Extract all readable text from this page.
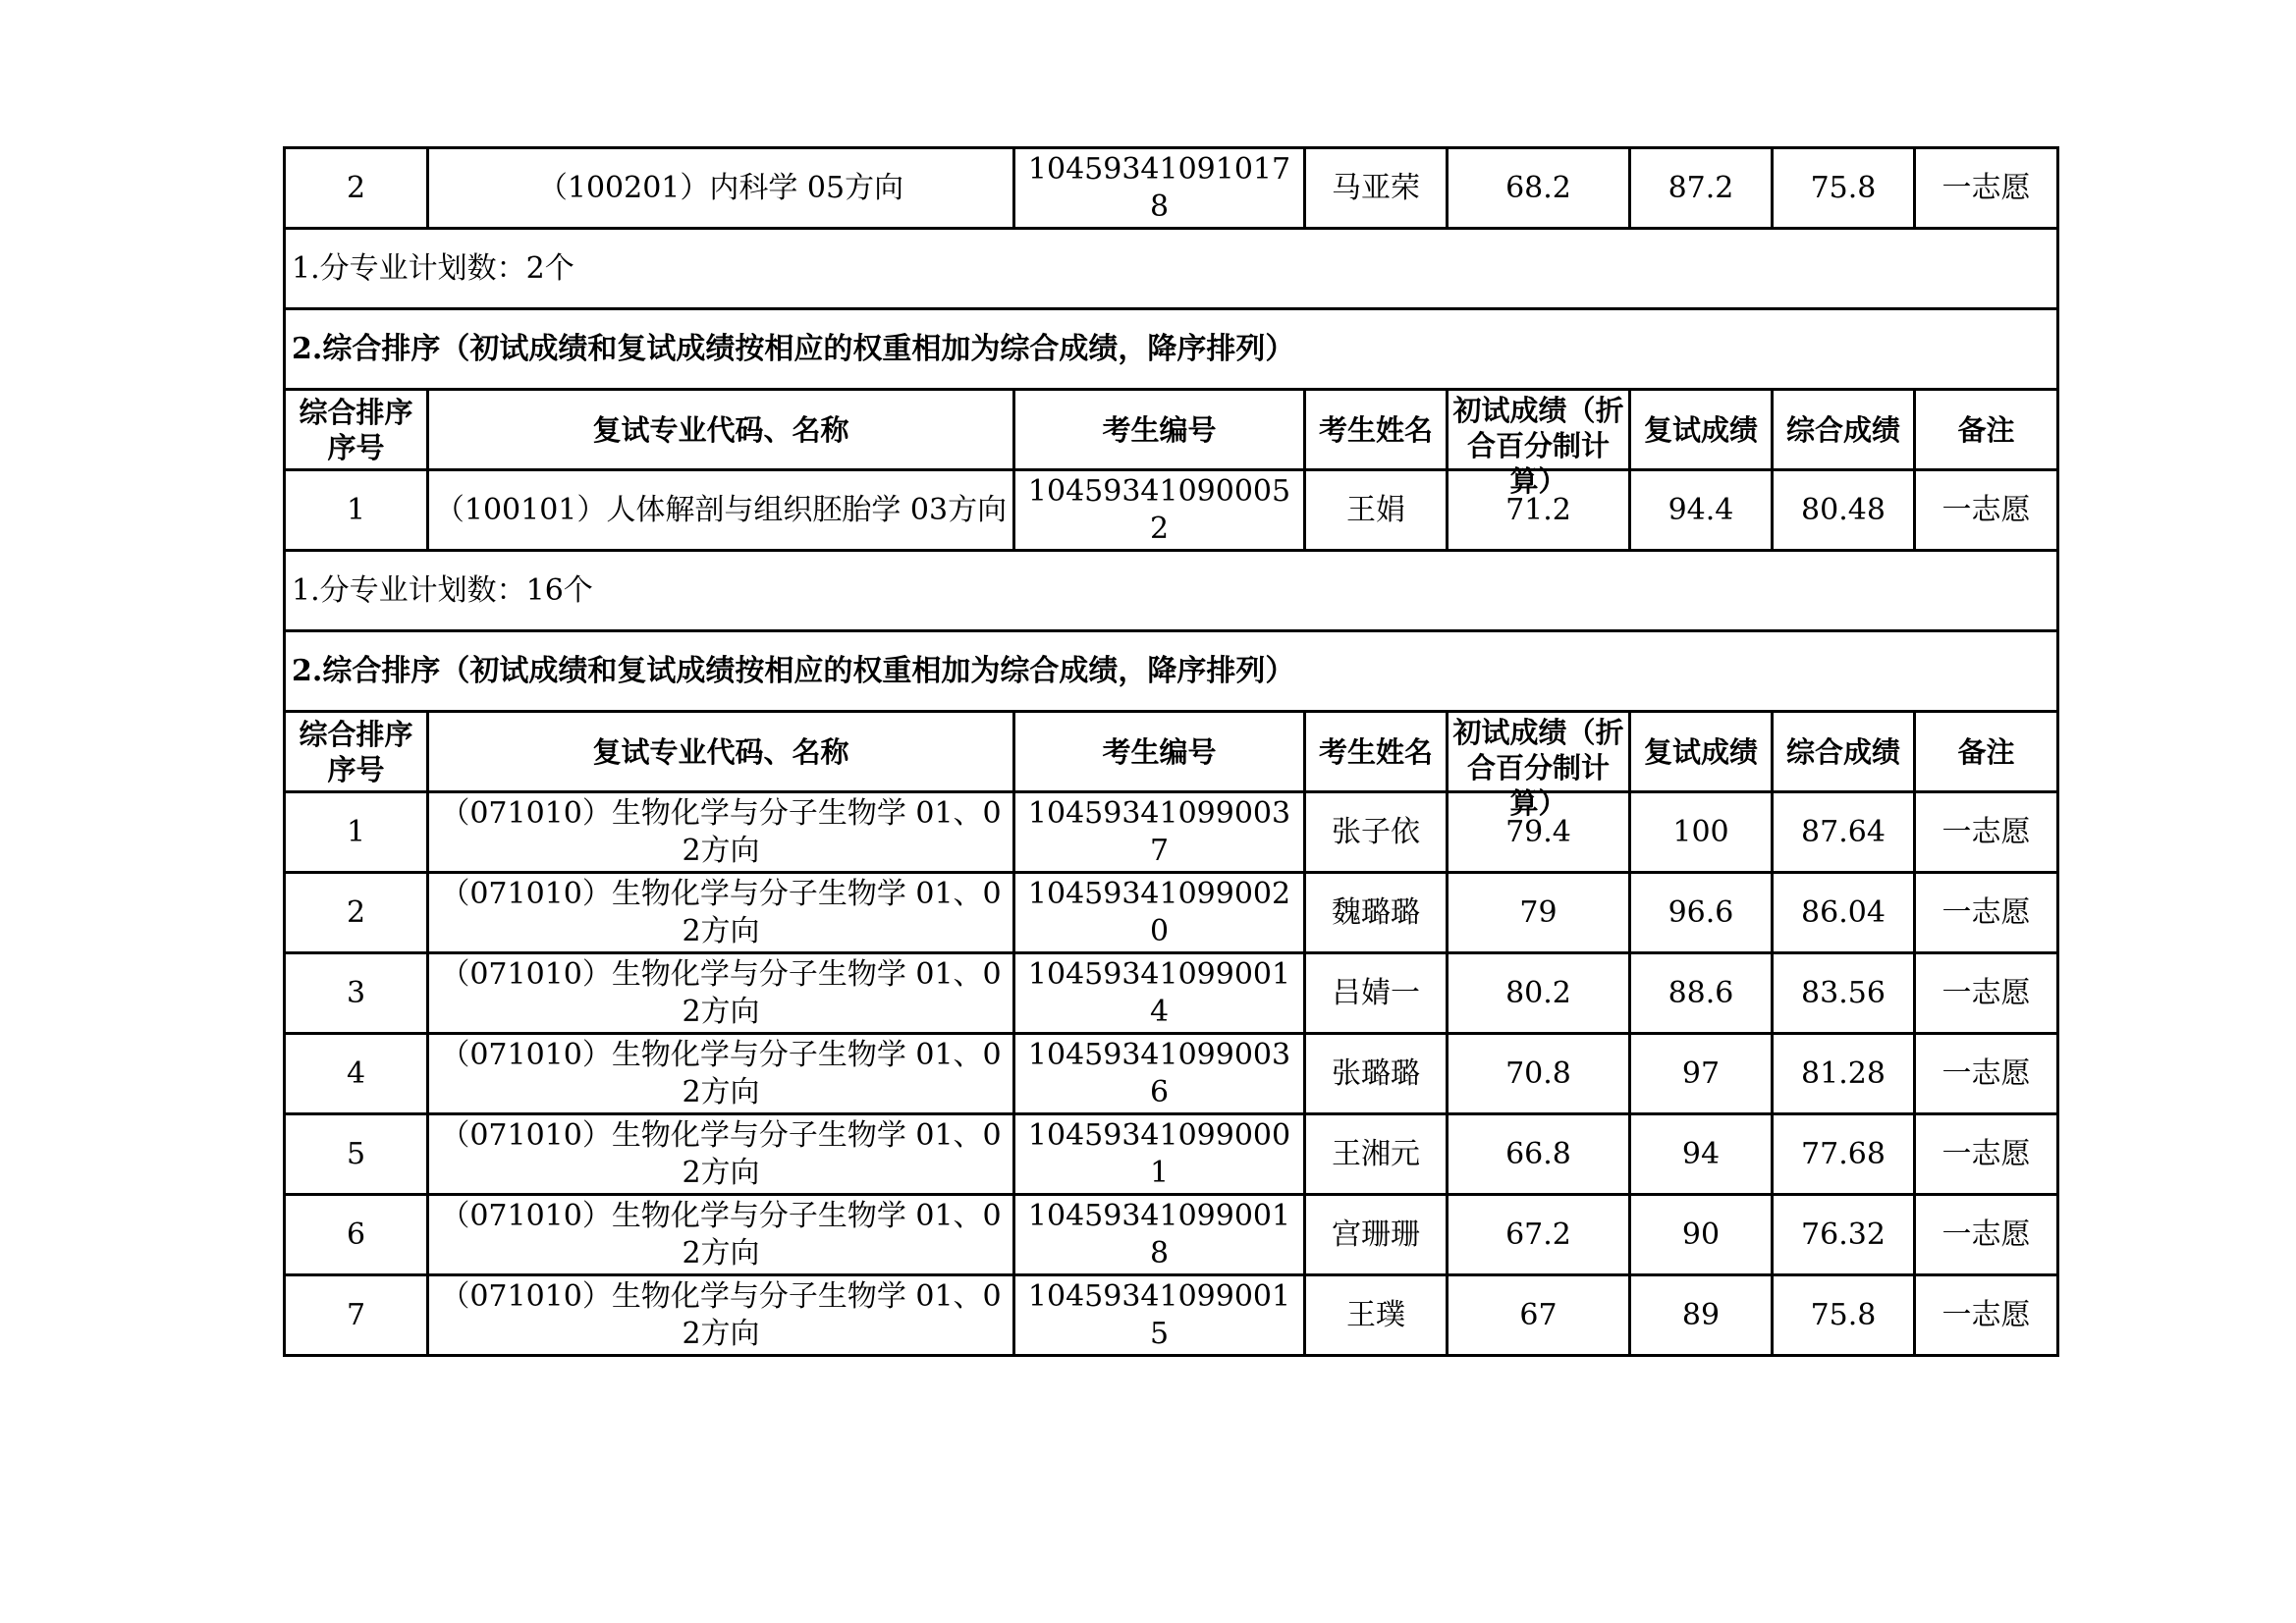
2	（100201）内科学 05方向	104593410910178	马亚荣	68.2	87.2	75.8	一志愿
1.分专业计划数：2个							
2.综合排序（初试成绩和复试成绩按相应的权重相加为综合成绩，降序排列）							

综合排序序号	复试专业代码、名称	考生编号	考生姓名	初试成绩（折合百分制计算）	复试成绩	综合成绩	备注
1	（100101）人体解剖与组织胚胎学 03方向	104593410900052	王娟	71.2	94.4	80.48	一志愿
1.分专业计划数：16个							
2.综合排序（初试成绩和复试成绩按相应的权重相加为综合成绩，降序排列）							

综合排序序号	复试专业代码、名称	考生编号	考生姓名	初试成绩（折合百分制计算）	复试成绩	综合成绩	备注
1	（071010）生物化学与分子生物学 01、02方向	104593410990037	张子依	79.4	100	87.64	一志愿
2	（071010）生物化学与分子生物学 01、02方向	104593410990020	魏璐璐	79	96.6	86.04	一志愿
3	（071010）生物化学与分子生物学 01、02方向	104593410990014	吕婧一	80.2	88.6	83.56	一志愿
4	（071010）生物化学与分子生物学 01、02方向	104593410990036	张璐璐	70.8	97	81.28	一志愿
5	（071010）生物化学与分子生物学 01、02方向	104593410990001	王湘元	66.8	94	77.68	一志愿
6	（071010）生物化学与分子生物学 01、02方向	104593410990018	宫珊珊	67.2	90	76.32	一志愿
7	（071010）生物化学与分子生物学 01、02方向	104593410990015	王璞	67	89	75.8	一志愿
